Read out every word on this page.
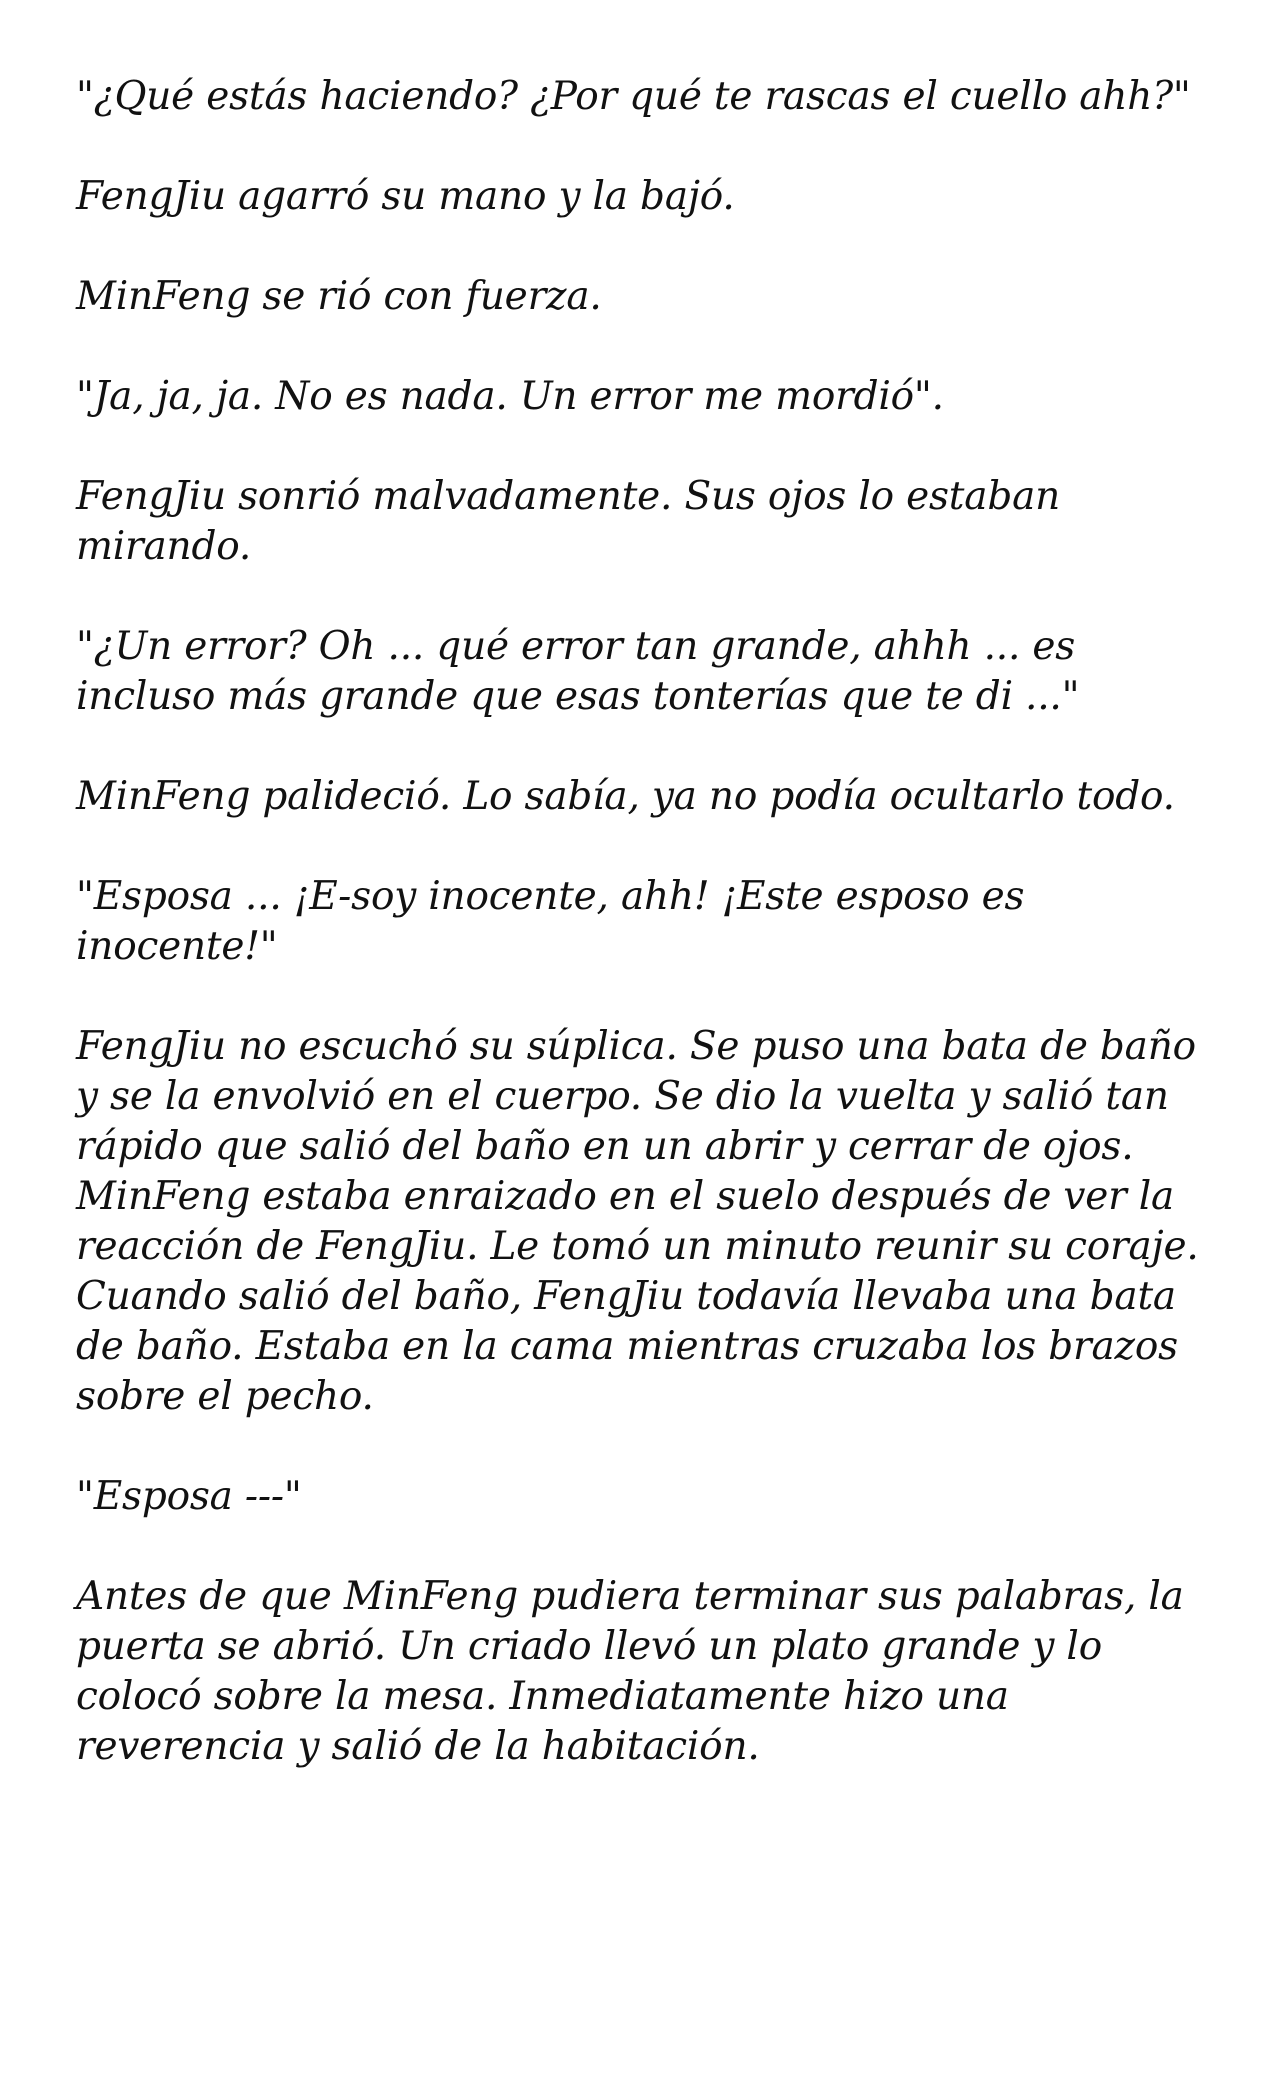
"¿Qué estás haciendo? ¿Por qué te rascas el cuello ahh?"

FengJiu agarró su mano y la bajó.

MinFeng se rió con fuerza.

"Ja, ja, ja. No es nada. Un error me mordió".

FengJiu sonrió malvadamente. Sus ojos lo estaban mirando.

"¿Un error? Oh ... qué error tan grande, ahhh ... es incluso más grande que esas tonterías que te di ..."

MinFeng palideció. Lo sabía, ya no podía ocultarlo todo.

"Esposa ... ¡E-soy inocente, ahh! ¡Este esposo es inocente!"

FengJiu no escuchó su súplica. Se puso una bata de baño y se la envolvió en el cuerpo. Se dio la vuelta y salió tan rápido que salió del baño en un abrir y cerrar de ojos. MinFeng estaba enraizado en el suelo después de ver la reacción de FengJiu. Le tomó un minuto reunir su coraje. Cuando salió del baño, FengJiu todavía llevaba una bata de baño. Estaba en la cama mientras cruzaba los brazos sobre el pecho.

"Esposa ---"

Antes de que MinFeng pudiera terminar sus palabras, la puerta se abrió. Un criado llevó un plato grande y lo colocó sobre la mesa. Inmediatamente hizo una reverencia y salió de la habitación.
